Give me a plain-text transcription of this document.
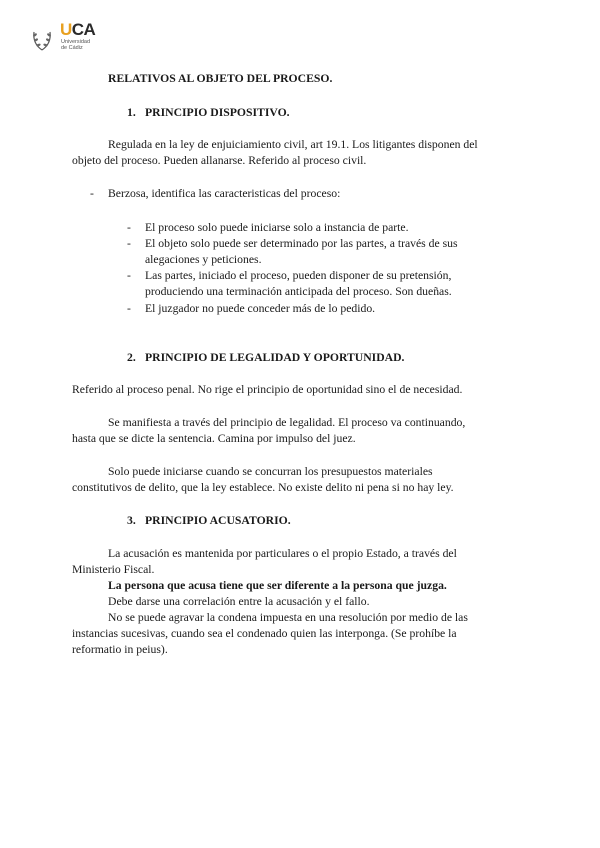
UCA
Universidad
de Cádiz
RELATIVOS AL OBJETO DEL PROCESO.
1. PRINCIPIO DISPOSITIVO.
Regulada en la ley de enjuiciamiento civil, art 19.1. Los litigantes disponen del
objeto del proceso. Pueden allanarse. Referido al proceso civil.
- Berzosa, identifica las caracteristicas del proceso:
- El proceso solo puede iniciarse solo a instancia de parte.
- El objeto solo puede ser determinado por las partes, a través de sus
alegaciones y peticiones.
- Las partes, iniciado el proceso, pueden disponer de su pretensión,
produciendo una terminación anticipada del proceso. Son dueñas.
- El juzgador no puede conceder más de lo pedido.
2. PRINCIPIO DE LEGALIDAD Y OPORTUNIDAD.
Referido al proceso penal. No rige el principio de oportunidad sino el de necesidad.
Se manifiesta a través del principio de legalidad. El proceso va continuando,
hasta que se dicte la sentencia. Camina por impulso del juez.
Solo puede iniciarse cuando se concurran los presupuestos materiales
constitutivos de delito, que la ley establece. No existe delito ni pena si no hay ley.
3. PRINCIPIO ACUSATORIO.
La acusación es mantenida por particulares o el propio Estado, a través del
Ministerio Fiscal.
La persona que acusa tiene que ser diferente a la persona que juzga.
Debe darse una correlación entre la acusación y el fallo.
No se puede agravar la condena impuesta en una resolución por medio de las
instancias sucesivas, cuando sea el condenado quien las interponga. (Se prohíbe la
reformatio in peius).
